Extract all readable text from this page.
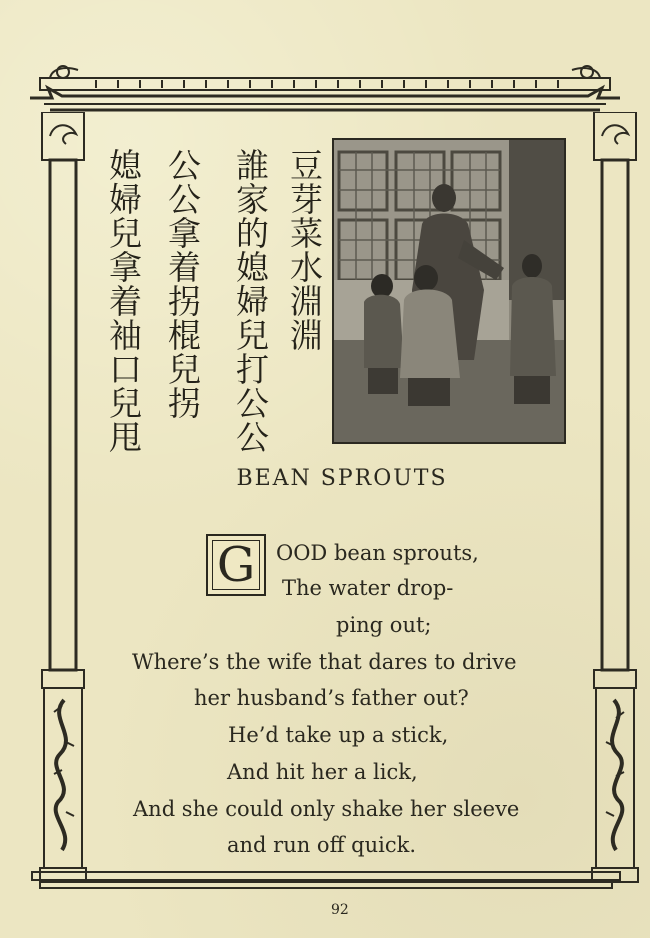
豆芽菜水淵淵
誰家的媳婦兒打公公
公公拿着拐棍兒拐
媳婦兒拿着袖口兒甩
BEAN SPROUTS
G OOD bean sprouts,
The water drop-
ping out;
Where’s the wife that dares to drive
her husband’s father out?
He’d take up a stick,
And hit her a lick,
And she could only shake her sleeve
and run off quick.
92
